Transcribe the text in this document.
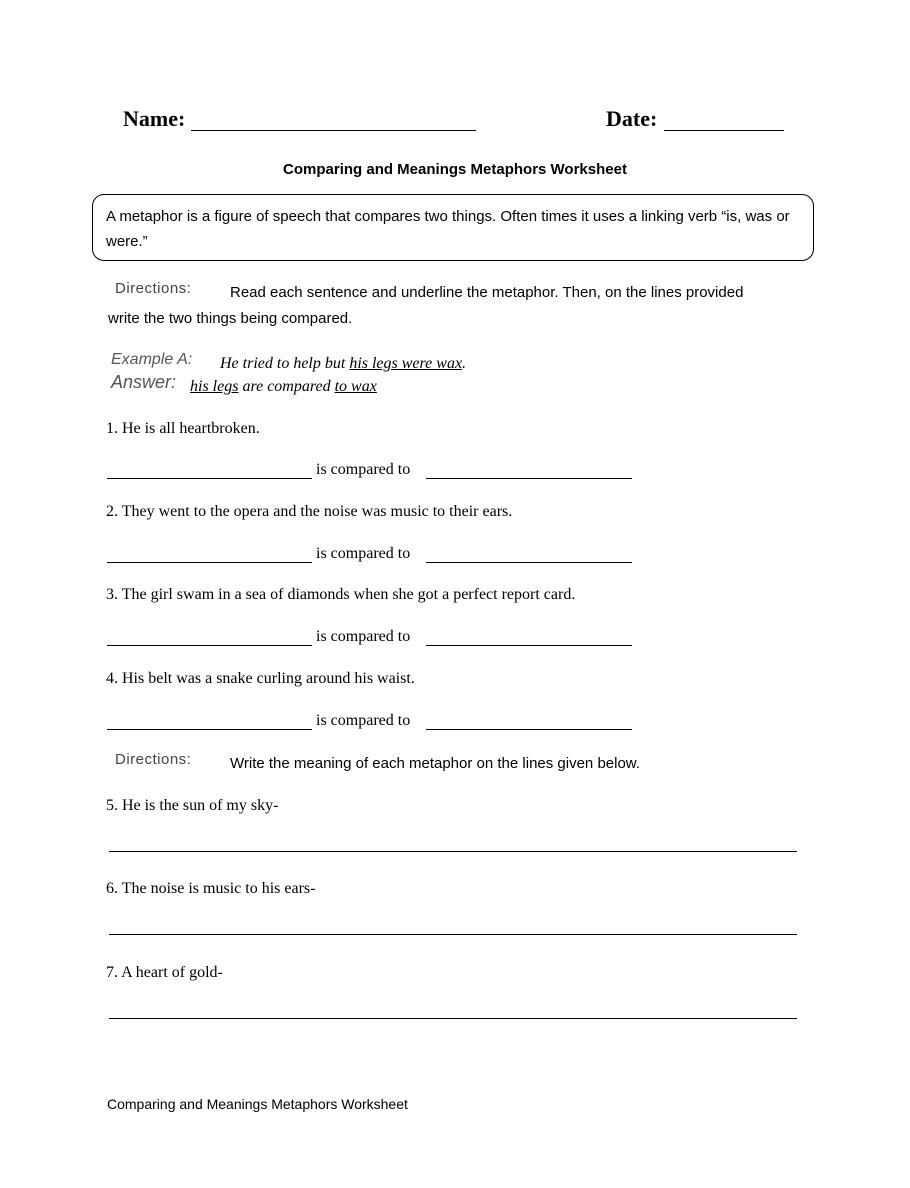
Name:	Date:
Comparing and Meanings Metaphors Worksheet
A metaphor is a figure of speech that compares two things. Often times it uses a linking verb “is, was or were.”
Directions:	Read each sentence and underline the metaphor. Then, on the lines provided
write the two things being compared.
Example A: He tried to help but his legs were wax.
Answer: his legs are compared to wax
1. He is all heartbroken.
is compared to
2. They went to the opera and the noise was music to their ears.
is compared to
3. The girl swam in a sea of diamonds when she got a perfect report card.
is compared to
4. His belt was a snake curling around his waist.
is compared to
Directions:	Write the meaning of each metaphor on the lines given below.
5. He is the sun of my sky-
6. The noise is music to his ears-
7. A heart of gold-
Comparing and Meanings Metaphors Worksheet
